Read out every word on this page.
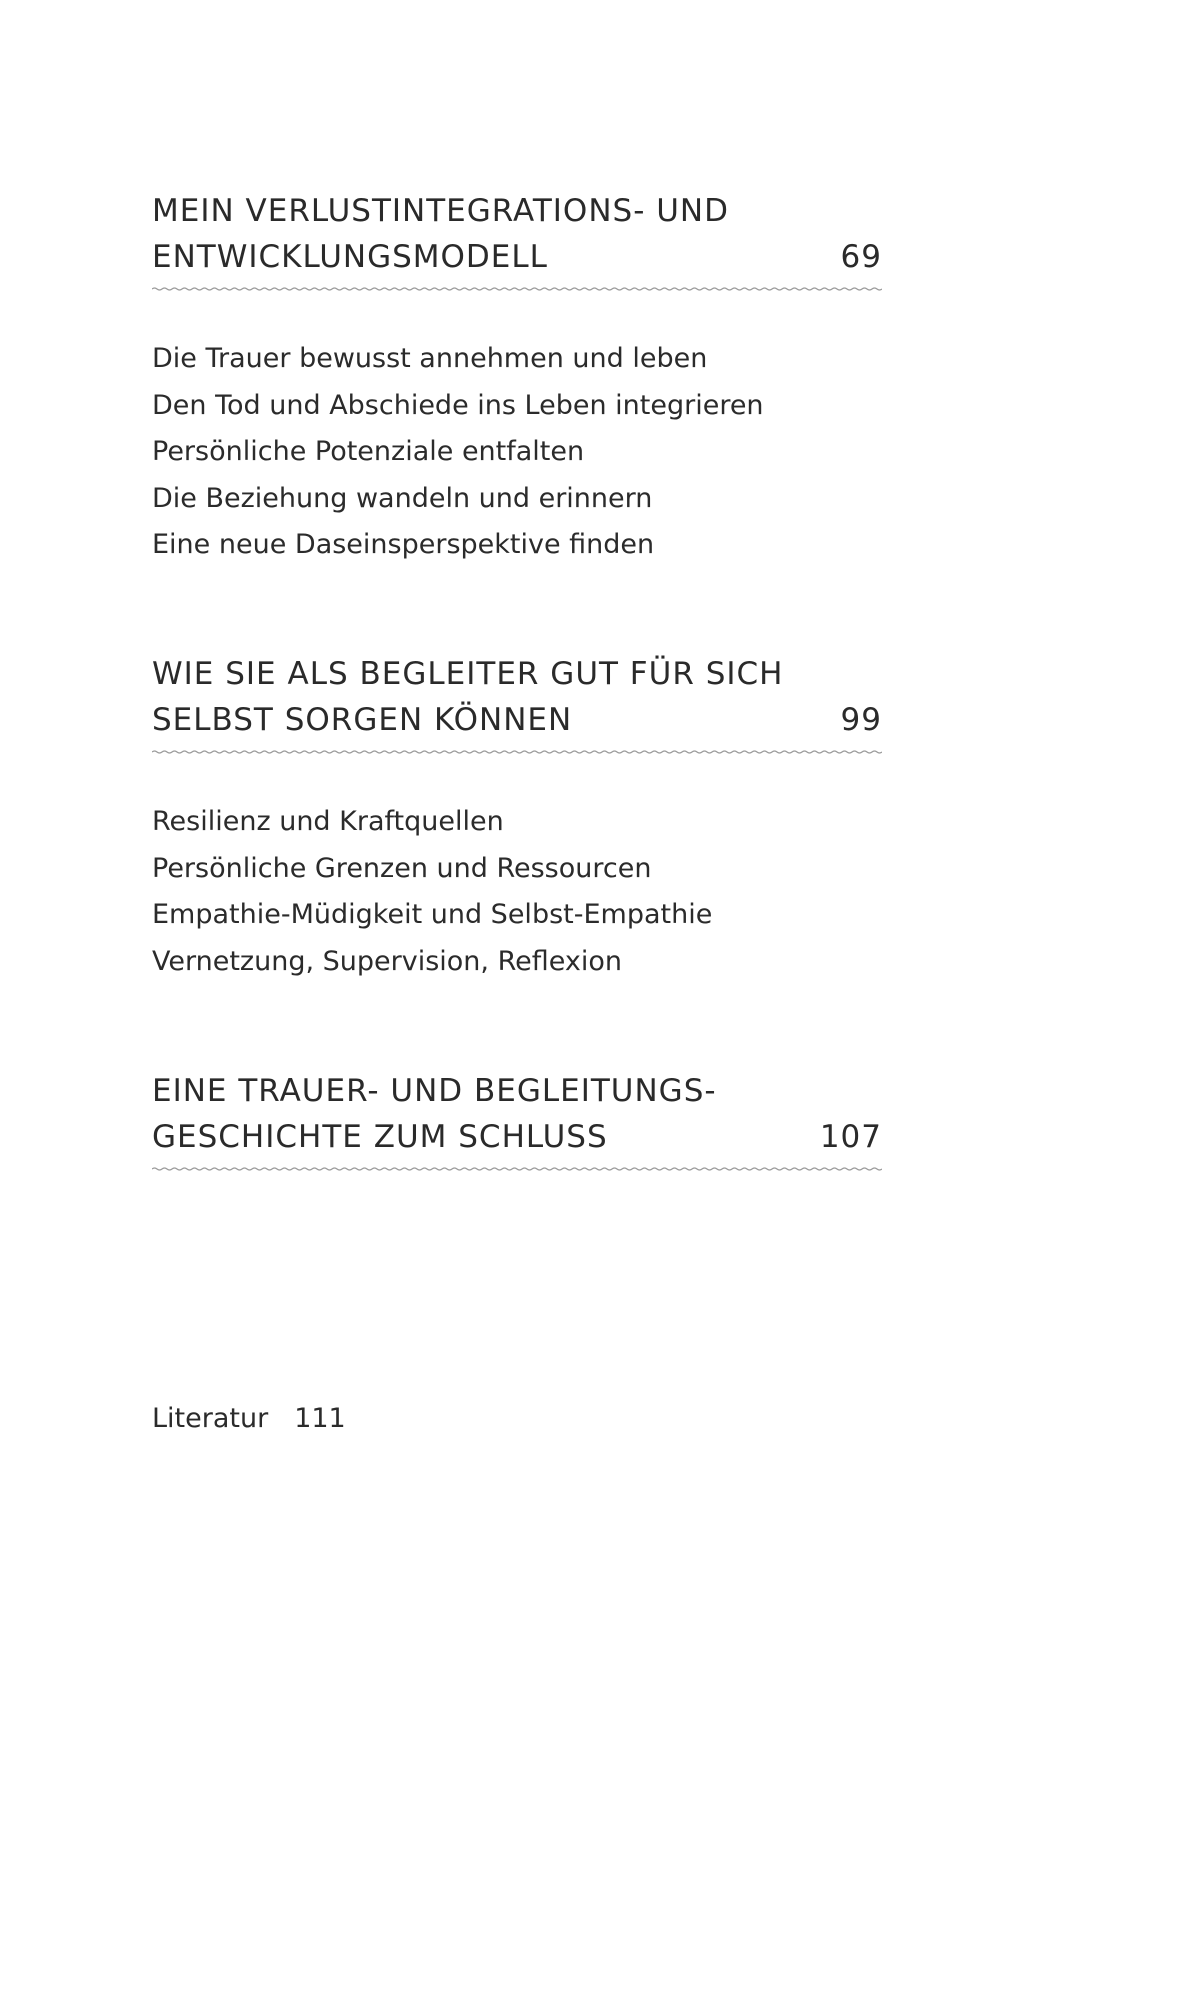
MEIN VERLUSTINTEGRATIONS- UND
ENTWICKLUNGSMODELL	69
Die Trauer bewusst annehmen und leben
Den Tod und Abschiede ins Leben integrieren
Persönliche Potenziale entfalten
Die Beziehung wandeln und erinnern
Eine neue Daseinsperspektive finden
WIE SIE ALS BEGLEITER GUT FÜR SICH
SELBST SORGEN KÖNNEN	99
Resilienz und Kraftquellen
Persönliche Grenzen und Ressourcen
Empathie-Müdigkeit und Selbst-Empathie
Vernetzung, Supervision, Reflexion
EINE TRAUER- UND BEGLEITUNGS-
GESCHICHTE ZUM SCHLUSS	107
Literatur 111
